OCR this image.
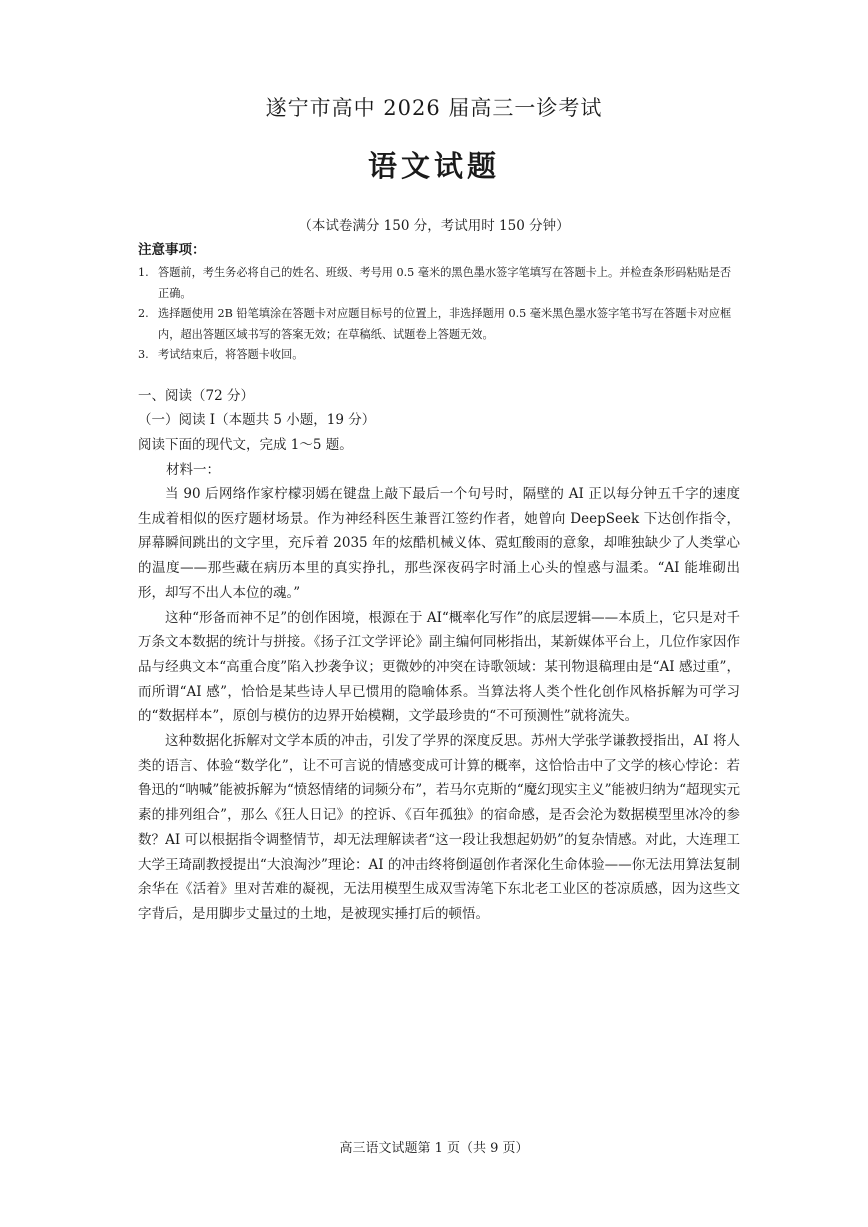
遂宁市高中 2026 届高三一诊考试
语文试题
（本试卷满分 150 分，考试用时 150 分钟）
注意事项：
1. 答题前，考生务必将自己的姓名、班级、考号用 0.5 毫米的黑色墨水签字笔填写在答题卡上。并检查条形码粘贴是否正确。
2. 选择题使用 2B 铅笔填涂在答题卡对应题目标号的位置上，非选择题用 0.5 毫米黑色墨水签字笔书写在答题卡对应框内，超出答题区域书写的答案无效；在草稿纸、试题卷上答题无效。
3. 考试结束后，将答题卡收回。
一、阅读（72 分）
（一）阅读 I（本题共 5 小题，19 分）
阅读下面的现代文，完成 1～5 题。
材料一：

当 90 后网络作家柠檬羽嫣在键盘上敲下最后一个句号时，隔壁的 AI 正以每分钟五千字的速度生成着相似的医疗题材场景。作为神经科医生兼晋江签约作者，她曾向 DeepSeek 下达创作指令，屏幕瞬间跳出的文字里，充斥着 2035 年的炫酷机械义体、霓虹酸雨的意象，却唯独缺少了人类掌心的温度——那些藏在病历本里的真实挣扎，那些深夜码字时涌上心头的惶惑与温柔。“AI 能堆砌出形，却写不出人本位的魂。”

这种“形备而神不足”的创作困境，根源在于 AI“概率化写作”的底层逻辑——本质上，它只是对千万条文本数据的统计与拼接。《扬子江文学评论》副主编何同彬指出，某新媒体平台上，几位作家因作品与经典文本“高重合度”陷入抄袭争议；更微妙的冲突在诗歌领域：某刊物退稿理由是“AI 感过重”，而所谓“AI 感”，恰恰是某些诗人早已惯用的隐喻体系。当算法将人类个性化创作风格拆解为可学习的“数据样本”，原创与模仿的边界开始模糊，文学最珍贵的“不可预测性”就将流失。

这种数据化拆解对文学本质的冲击，引发了学界的深度反思。苏州大学张学谦教授指出，AI 将人类的语言、体验“数学化”，让不可言说的情感变成可计算的概率，这恰恰击中了文学的核心悖论：若鲁迅的“呐喊”能被拆解为“愤怒情绪的词频分布”，若马尔克斯的“魔幻现实主义”能被归纳为“超现实元素的排列组合”，那么《狂人日记》的控诉、《百年孤独》的宿命感，是否会沦为数据模型里冰冷的参数？AI 可以根据指令调整情节，却无法理解读者“这一段让我想起奶奶”的复杂情感。对此，大连理工大学王琦副教授提出“大浪淘沙”理论：AI 的冲击终将倒逼创作者深化生命体验——你无法用算法复制余华在《活着》里对苦难的凝视，无法用模型生成双雪涛笔下东北老工业区的苍凉质感，因为这些文字背后，是用脚步丈量过的土地，是被现实捶打后的顿悟。

高三语文试题第 1 页（共 9 页）
